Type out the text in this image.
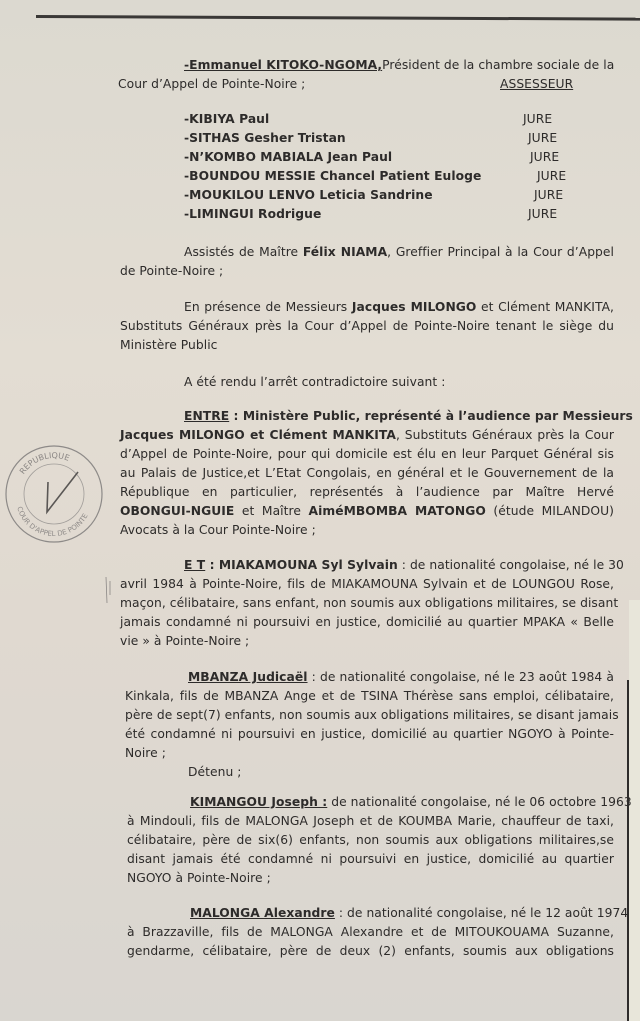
REPUBLIQUE
COUR D'APPEL DE POINTE
-Emmanuel KITOKO-NGOMA,Président de la chambre sociale de la
Cour d’Appel de Pointe-Noire ;	ASSESSEUR
-KIBIYA Paul	JURE
-SITHAS Gesher Tristan	JURE
-N’KOMBO MABIALA Jean Paul	JURE
-BOUNDOU MESSIE Chancel Patient Euloge	JURE
-MOUKILOU LENVO Leticia Sandrine	JURE
-LIMINGUI Rodrigue	JURE
Assistés de Maître Félix NIAMA, Greffier Principal à la Cour d’Appel
de Pointe-Noire ;
En présence de Messieurs Jacques MILONGO et Clément MANKITA,
Substituts Généraux près la Cour d’Appel de Pointe-Noire tenant le siège du
Ministère Public
A été rendu l’arrêt contradictoire suivant :
ENTRE : Ministère Public, représenté à l’audience par Messieurs
Jacques MILONGO et Clément MANKITA, Substituts Généraux près la Cour
d’Appel de Pointe-Noire, pour qui domicile est élu en leur Parquet Général sis
au Palais de Justice,et L’Etat Congolais, en général et le Gouvernement de la
République en particulier, représentés à l’audience par Maître Hervé
OBONGUI-NGUIE et Maître AiméMBOMBA MATONGO (étude MILANDOU)
Avocats à la Cour Pointe-Noire ;
E T : MIAKAMOUNA Syl Sylvain : de nationalité congolaise, né le 30
avril 1984 à Pointe-Noire, fils de MIAKAMOUNA Sylvain et de LOUNGOU Rose,
maçon, célibataire, sans enfant, non soumis aux obligations militaires, se disant
jamais condamné ni poursuivi en justice, domicilié au quartier MPAKA « Belle
vie » à Pointe-Noire ;
MBANZA Judicaël : de nationalité congolaise, né le 23 août 1984 à
Kinkala, fils de MBANZA Ange et de TSINA Thérèse sans emploi, célibataire,
père de sept(7) enfants, non soumis aux obligations militaires, se disant jamais
été condamné ni poursuivi en justice, domicilié au quartier NGOYO à Pointe-
Noire ;
Détenu ;
KIMANGOU Joseph : de nationalité congolaise, né le 06 octobre 1963
à Mindouli, fils de MALONGA Joseph et de KOUMBA Marie, chauffeur de taxi,
célibataire, père de six(6) enfants, non soumis aux obligations militaires,se
disant jamais été condamné ni poursuivi en justice, domicilié au quartier
NGOYO à Pointe-Noire ;
MALONGA Alexandre : de nationalité congolaise, né le 12 août 1974
à Brazzaville, fils de MALONGA Alexandre et de MITOUKOUAMA Suzanne,
gendarme, célibataire, père de deux (2) enfants, soumis aux obligations
